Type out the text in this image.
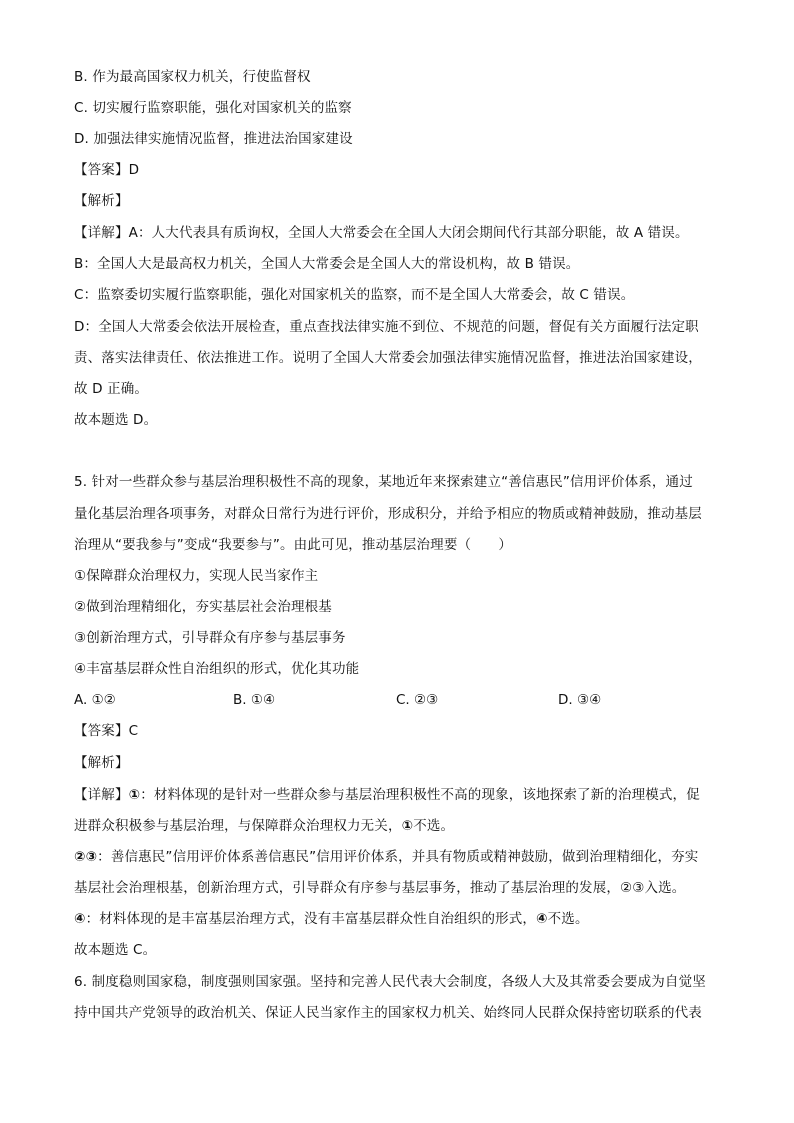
B. 作为最高国家权力机关，行使监督权
C. 切实履行监察职能，强化对国家机关的监察
D. 加强法律实施情况监督，推进法治国家建设
【答案】D
【解析】
【详解】A：人大代表具有质询权，全国人大常委会在全国人大闭会期间代行其部分职能，故 A 错误。
B：全国人大是最高权力机关，全国人大常委会是全国人大的常设机构，故 B 错误。
C：监察委切实履行监察职能，强化对国家机关的监察，而不是全国人大常委会，故 C 错误。
D：全国人大常委会依法开展检查，重点查找法律实施不到位、不规范的问题，督促有关方面履行法定职
责、落实法律责任、依法推进工作。说明了全国人大常委会加强法律实施情况监督，推进法治国家建设，
故 D 正确。
故本题选 D。
5. 针对一些群众参与基层治理积极性不高的现象，某地近年来探索建立“善信惠民”信用评价体系，通过
量化基层治理各项事务，对群众日常行为进行评价，形成积分，并给予相应的物质或精神鼓励，推动基层
治理从“要我参与”变成“我要参与”。由此可见，推动基层治理要（　　）
①保障群众治理权力，实现人民当家作主
②做到治理精细化，夯实基层社会治理根基
③创新治理方式，引导群众有序参与基层事务
④丰富基层群众性自治组织的形式，优化其功能
A. ①②	B. ①④	C. ②③	D. ③④
【答案】C
【解析】
【详解】①：材料体现的是针对一些群众参与基层治理积极性不高的现象，该地探索了新的治理模式，促
进群众积极参与基层治理，与保障群众治理权力无关，①不选。
②③：善信惠民”信用评价体系善信惠民”信用评价体系，并具有物质或精神鼓励，做到治理精细化，夯实
基层社会治理根基，创新治理方式，引导群众有序参与基层事务，推动了基层治理的发展，②③入选。
④：材料体现的是丰富基层治理方式，没有丰富基层群众性自治组织的形式，④不选。
故本题选 C。
6. 制度稳则国家稳，制度强则国家强。坚持和完善人民代表大会制度，各级人大及其常委会要成为自觉坚
持中国共产党领导的政治机关、保证人民当家作主的国家权力机关、始终同人民群众保持密切联系的代表
